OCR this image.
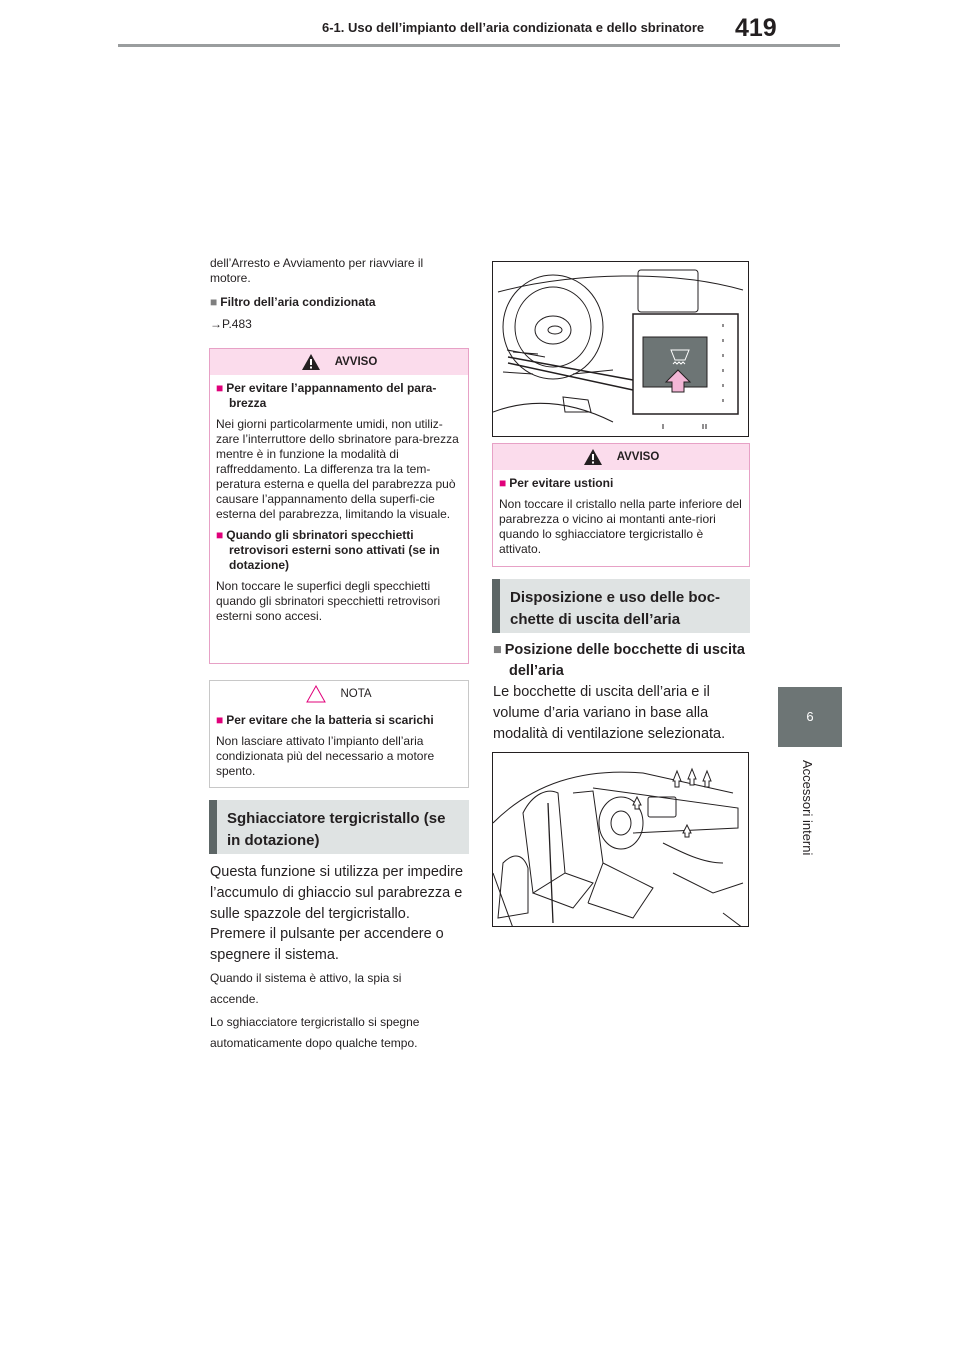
6-1. Uso dell’impianto dell’aria condizionata e dello sbrinatore 419
6
Accessori interni

dell’Arresto e Avviamento per riavviare il motore.

■ Filtro dell’aria condizionata

→P.483

AVVISO

■ Per evitare l’appannamento del para-brezza

Nei giorni particolarmente umidi, non utiliz-zare l’interruttore dello sbrinatore para-brezza mentre è in funzione la modalità di raffreddamento. La differenza tra la tem-peratura esterna e quella del parabrezza può causare l’appannamento della superfi-cie esterna del parabrezza, limitando la visuale.

■ Quando gli sbrinatori specchietti retrovisori esterni sono attivati (se in dotazione)

Non toccare le superfici degli specchietti quando gli sbrinatori specchietti retrovisori esterni sono accesi.

NOTA

■ Per evitare che la batteria si scarichi

Non lasciare attivato l’impianto dell’aria condizionata più del necessario a motore spento.

Sghiacciatore tergicristallo (se in dotazione)

Questa funzione si utilizza per impedire l’accumulo di ghiaccio sul parabrezza e sulle spazzole del tergicristallo.

Premere il pulsante per accendere o spegnere il sistema.

Quando il sistema è attivo, la spia si accende.

Lo sghiacciatore tergicristallo si spegne automaticamente dopo qualche tempo.

AVVISO

■ Per evitare ustioni

Non toccare il cristallo nella parte inferiore del parabrezza o vicino ai montanti ante-riori quando lo sghiacciatore tergicristallo è attivato.

Disposizione e uso delle boc-chette di uscita dell’aria

■ Posizione delle bocchette di uscita dell’aria

Le bocchette di uscita dell’aria e il volume d’aria variano in base alla modalità di ventilazione selezionata.
